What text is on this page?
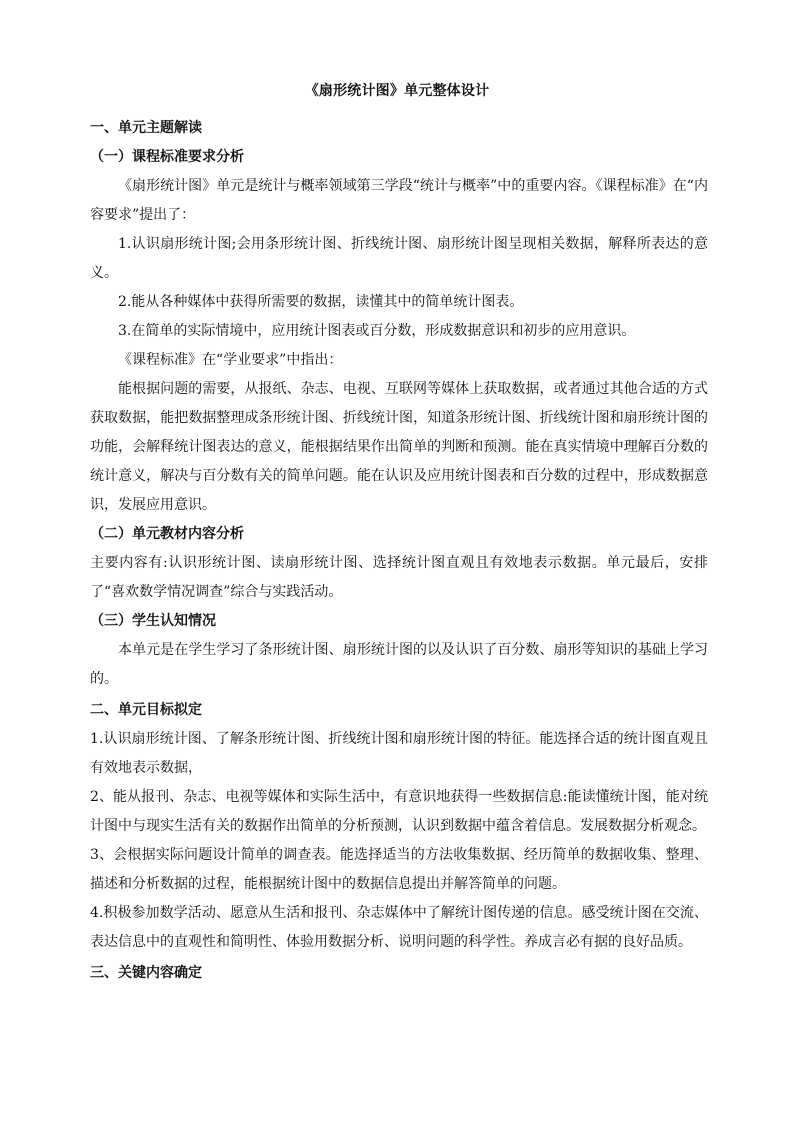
《扇形统计图》单元整体设计

一、单元主题解读

（一）课程标准要求分析

《扇形统计图》单元是统计与概率领域第三学段“统计与概率”中的重要内容。《课程标准》在“内容要求”提出了：

1.认识扇形统计图;会用条形统计图、折线统计图、扇形统计图呈现相关数据，解释所表达的意义。

2.能从各种媒体中获得所需要的数据，读懂其中的简单统计图表。

3.在简单的实际情境中，应用统计图表或百分数，形成数据意识和初步的应用意识。

《课程标准》在“学业要求”中指出：

能根据问题的需要，从报纸、杂志、电视、互联网等媒体上获取数据，或者通过其他合适的方式获取数据，能把数据整理成条形统计图、折线统计图，知道条形统计图、折线统计图和扇形统计图的功能，会解释统计图表达的意义，能根据结果作出简单的判断和预测。能在真实情境中理解百分数的统计意义，解决与百分数有关的简单问题。能在认识及应用统计图表和百分数的过程中，形成数据意识，发展应用意识。

（二）单元教材内容分析

主要内容有:认识形统计图、读扇形统计图、选择统计图直观且有效地表示数据。单元最后，安排了“喜欢数学情况调查”综合与实践活动。

（三）学生认知情况

本单元是在学生学习了条形统计图、扇形统计图的以及认识了百分数、扇形等知识的基础上学习的。

二、单元目标拟定

1.认识扇形统计图、了解条形统计图、折线统计图和扇形统计图的特征。能选择合适的统计图直观且有效地表示数据，

2、能从报刊、杂志、电视等媒体和实际生活中，有意识地获得一些数据信息:能读懂统计图，能对统计图中与现实生活有关的数据作出简单的分析预测，认识到数据中蕴含着信息。发展数据分析观念。

3、会根据实际问题设计简单的调查表。能选择适当的方法收集数据、经历简单的数据收集、整理、描述和分析数据的过程，能根据统计图中的数据信息提出并解答简单的问题。

4.积极参加数学活动、愿意从生活和报刊、杂志媒体中了解统计图传递的信息。感受统计图在交流、表达信息中的直观性和简明性、体验用数据分析、说明问题的科学性。养成言必有据的良好品质。

三、关键内容确定
